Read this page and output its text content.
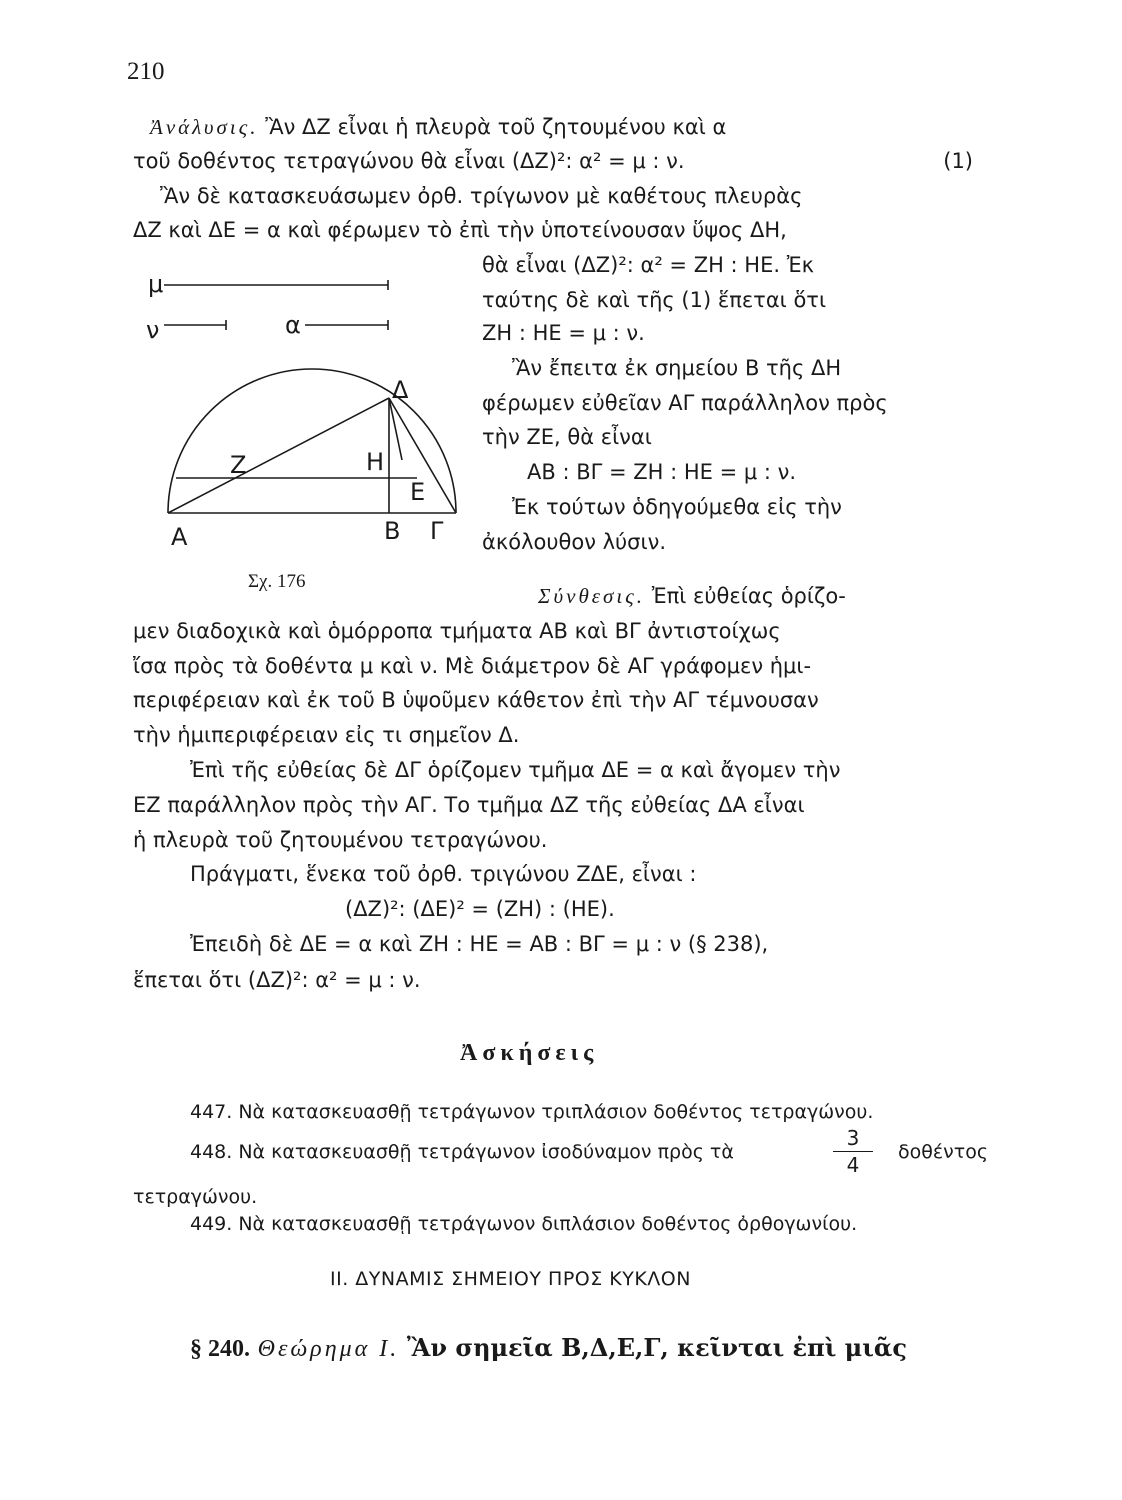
210
Ἀνάλυσις. Ἂν ΔΖ εἶναι ἡ πλευρὰ τοῦ ζητουμένου καὶ α
τοῦ δοθέντος τετραγώνου θὰ εἶναι (ΔΖ)²: α² = μ : ν.	(1)
Ἂν δὲ κατασκευάσωμεν ὀρθ. τρίγωνον μὲ καθέτους πλευρὰς
ΔΖ καὶ ΔΕ = α καὶ φέρωμεν τὸ ἐπὶ τὴν ὑποτείνουσαν ὕψος ΔΗ,
θὰ εἶναι (ΔΖ)²: α² = ΖΗ : ΗΕ. Ἐκ
ταύτης δὲ καὶ τῆς (1) ἕπεται ὅτι
ΖΗ : ΗΕ = μ : ν.
Ἂν ἔπειτα ἐκ σημείου Β τῆς ΔΗ
φέρωμεν εὐθεῖαν ΑΓ παράλληλον πρὸς
τὴν ΖΕ, θὰ εἶναι
ΑΒ : ΒΓ = ΖΗ : ΗΕ = μ : ν.
Ἐκ τούτων ὁδηγούμεθα εἰς τὴν
ἀκόλουθον λύσιν.
μ
ν	α
Δ
Ζ	Η
Ε
Α	Β Γ
Σχ. 176
Σύνθεσις. Ἐπὶ εὐθείας ὁρίζο-
μεν διαδοχικὰ καὶ ὁμόρροπα τμήματα ΑΒ καὶ ΒΓ ἀντιστοίχως
ἴσα πρὸς τὰ δοθέντα μ καὶ ν. Μὲ διάμετρον δὲ ΑΓ γράφομεν ἡμι-
περιφέρειαν καὶ ἐκ τοῦ Β ὑψοῦμεν κάθετον ἐπὶ τὴν ΑΓ τέμνουσαν
τὴν ἡμιπεριφέρειαν εἰς τι σημεῖον Δ.
Ἐπὶ τῆς εὐθείας δὲ ΔΓ ὁρίζομεν τμῆμα ΔΕ = α καὶ ἄγομεν τὴν
ΕΖ παράλληλον πρὸς τὴν ΑΓ. Το τμῆμα ΔΖ τῆς εὐθείας ΔΑ εἶναι
ἡ πλευρὰ τοῦ ζητουμένου τετραγώνου.
Πράγματι, ἕνεκα τοῦ ὀρθ. τριγώνου ΖΔΕ, εἶναι :
(ΔΖ)²: (ΔΕ)² = (ΖΗ) : (ΗΕ).
Ἐπειδὴ δὲ ΔΕ = α καὶ ΖΗ : ΗΕ = ΑΒ : ΒΓ = μ : ν (§ 238),
ἕπεται ὅτι (ΔΖ)²: α² = μ : ν.
Ἀσκήσεις
447. Νὰ κατασκευασθῇ τετράγωνον τριπλάσιον δοθέντος τετραγώνου.
448. Νὰ κατασκευασθῇ τετράγωνον ἰσοδύναμον πρὸς τὰ
3
4
δοθέντος
τετραγώνου.
449. Νὰ κατασκευασθῇ τετράγωνον διπλάσιον δοθέντος ὀρθογωνίου.
ΙΙ. ΔΥΝΑΜΙΣ ΣΗΜΕΙΟΥ ΠΡΟΣ ΚΥΚΛΟΝ
§ 240. Θεώρημα Ι. Ἂν σημεῖα Β,Δ,Ε,Γ, κεῖνται ἐπὶ μιᾶς
